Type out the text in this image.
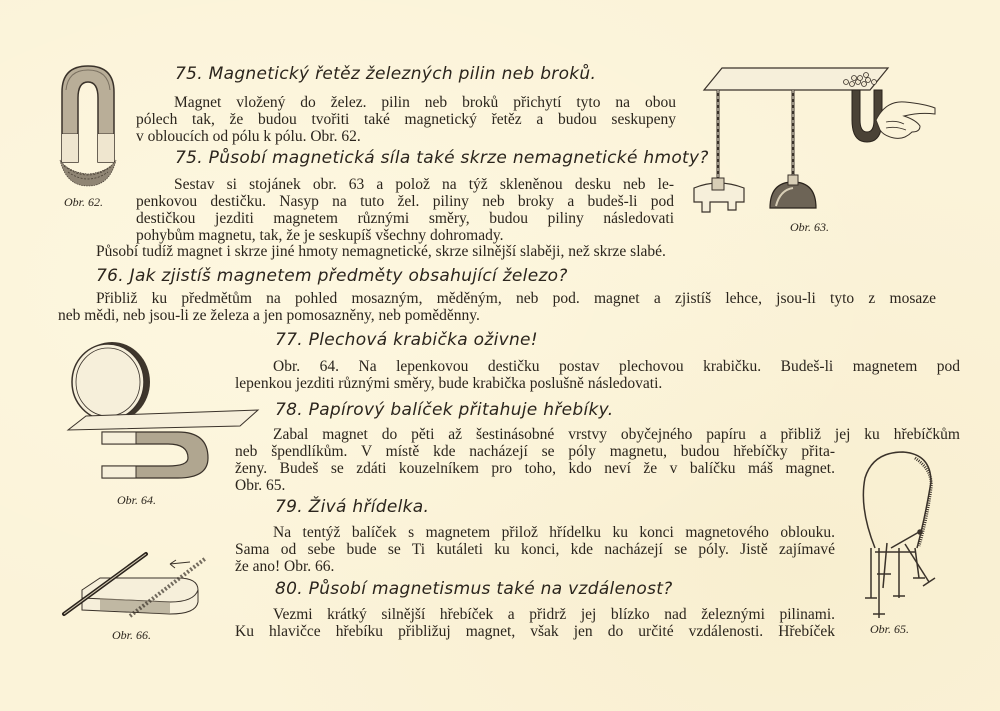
Obr. 62.
Obr. 63.
Obr. 64.
Obr. 66.	Obr. 65.
75. Magnetický řetěz železných pilin neb broků.
Magnet vložený do želez. pilin neb broků přichytí tyto na obou
pólech tak, že budou tvořiti také magnetický řetěz a budou seskupeny
v obloucích od pólu k pólu. Obr. 62.
75. Působí magnetická síla také skrze nemagnetické hmoty?
Sestav si stojánek obr. 63 a polož na týž skleněnou desku neb le-
penkovou destičku. Nasyp na tuto žel. piliny neb broky a budeš-li pod
destičkou jezditi magnetem různými směry, budou piliny následovati
pohybům magnetu, tak, že je seskupíš všechny dohromady.
Působí tudíž magnet i skrze jiné hmoty nemagnetické, skrze silnější slaběji, než skrze slabé.
76. Jak zjistíš magnetem předměty obsahující železo?
Přibliž ku předmětům na pohled mosazným, měděným, neb pod. magnet a zjistíš lehce, jsou-li tyto z mosaze
neb mědi, neb jsou-li ze železa a jen pomosazněny, neb poměděnny.
77. Plechová krabička oživne!
Obr. 64. Na lepenkovou destičku postav plechovou krabičku. Budeš-li magnetem pod
lepenkou jezditi různými směry, bude krabička poslušně následovati.
78. Papírový balíček přitahuje hřebíky.
Zabal magnet do pěti až šestinásobné vrstvy obyčejného papíru a přibliž jej ku hřebíčkům
neb špendlíkům. V místě kde nacházejí se póly magnetu, budou hřebíčky přita-
ženy. Budeš se zdáti kouzelníkem pro toho, kdo neví že v balíčku máš magnet.
Obr. 65.
79. Živá hřídelka.
Na tentýž balíček s magnetem přilož hřídelku ku konci magnetového oblouku.
Sama od sebe bude se Ti kutáleti ku konci, kde nacházejí se póly. Jistě zajímavé
že ano! Obr. 66.
80. Působí magnetismus také na vzdálenost?
Vezmi krátký silnější hřebíček a přidrž jej blízko nad železnými pilinami.
Ku hlavičce hřebíku přibližuj magnet, však jen do určité vzdálenosti. Hřebíček
